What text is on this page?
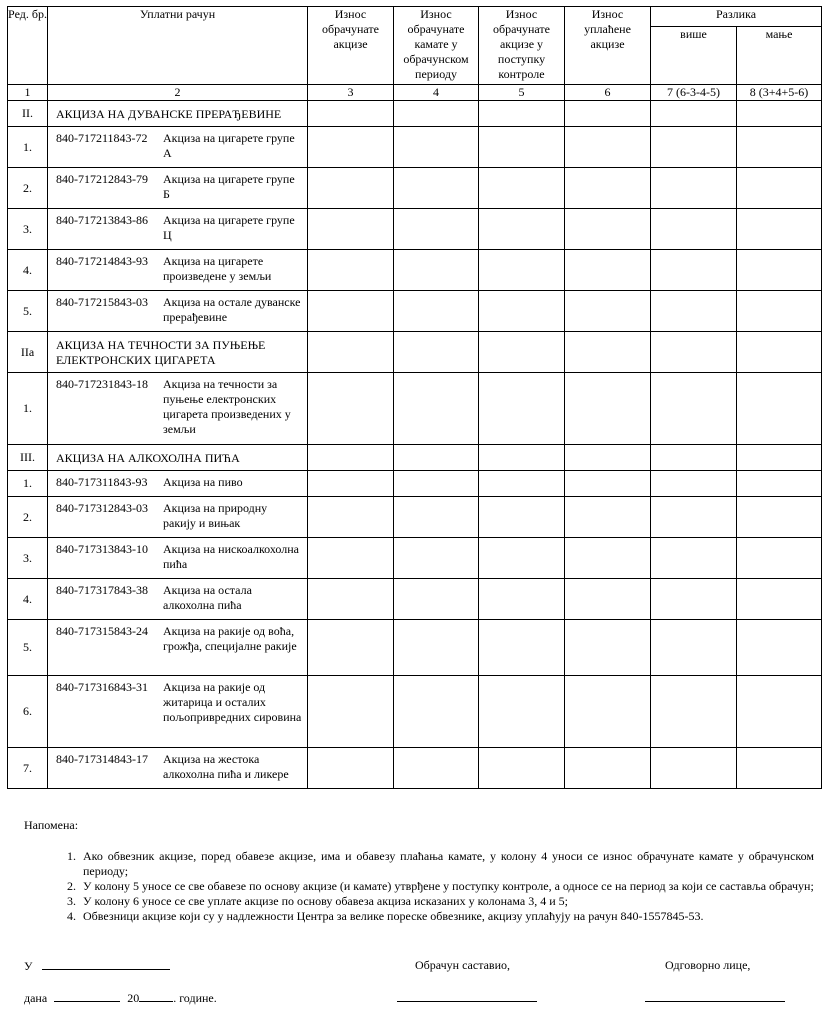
Ред. бр.	Уплатни рачун	Износ обрачунате акцизе	Износ обрачунате камате у обрачунском периоду	Износ обрачунате акцизе у поступку контроле	Износ уплаћене акцизе	Разлика	
						више	мање
1	2	3	4	5	6	7 (6-3-4-5)	8 (3+4+5-6)
II.	АКЦИЗА НА ДУВАНСКЕ ПРЕРАЂЕВИНЕ						
1.	840-717211843-72 Акциза на цигарете групе А						

2.	840-717212843-79 Акциза на цигарете групе Б						

3.	840-717213843-86 Акциза на цигарете групе Ц						

4.	840-717214843-93 Акциза на цигарете произведене у земљи						

5.	840-717215843-03 Акциза на остале дуванске прерађевине						

IIa	АКЦИЗА НА ТЕЧНОСТИ ЗА ПУЊЕЊЕ ЕЛЕКТРОНСКИХ ЦИГАРЕТА						
1.	840-717231843-18 Акциза на течности за пуњење електронских цигарета произведених у земљи						

III.	АКЦИЗА НА АЛКОХОЛНА ПИЋА						
1.	840-717311843-93 Акциза на пиво						

2.	840-717312843-03 Акциза на природну ракију и вињак						

3.	840-717313843-10 Акциза на нискоалкохолна пића						

4.	840-717317843-38 Акциза на остала алкохолна пића						

5.	840-717315843-24 Акциза на ракије од воћа, грожђа, специјалне ракије						

6.	840-717316843-31 Акциза на ракије од житарица и осталих пољопривредних сировина						

7.	840-717314843-17 Акциза на жестока алкохолна пића и ликере						

Напомена:
1. Ако обвезник акцизе, поред обавезе акцизе, има и обавезу плаћања камате, у колону 4 уноси се износ обрачунате камате у обрачунском периоду;
2. У колону 5 уносе се све обавезе по основу акцизе (и камате) утврђене у поступку контроле, а односе се на период за који се саставља обрачун;
3. У колону 6 уносе се све уплате акцизе по основу обавеза акциза исказаних у колонама 3, 4 и 5;
4. Обвезници акцизе који су у надлежности Центра за велике пореске обвезнике, акцизу уплаћују на рачун 840-1557845-53.
У	Обрачун саставио,	Одговорно лице,
дана	20	. године.
